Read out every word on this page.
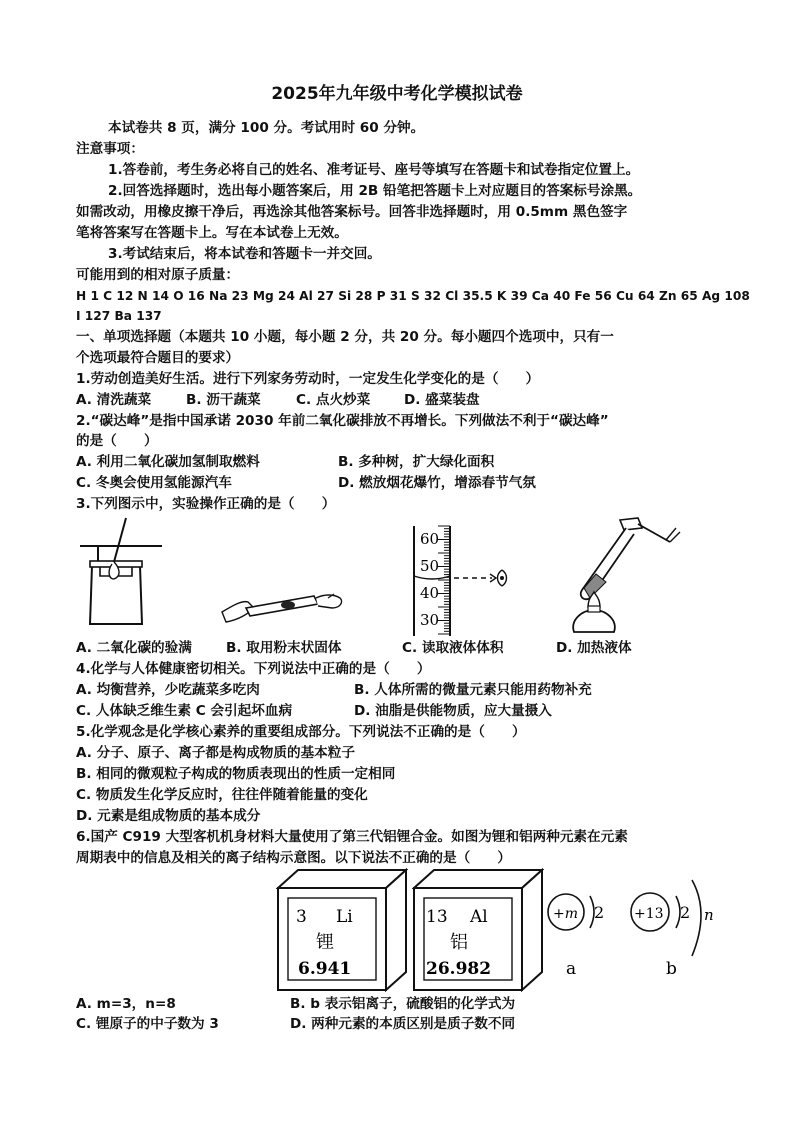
2025年九年级中考化学模拟试卷
本试卷共 8 页，满分 100 分。考试用时 60 分钟。
注意事项：
1.答卷前，考生务必将自己的姓名、准考证号、座号等填写在答题卡和试卷指定位置上。
2.回答选择题时，选出每小题答案后，用 2B 铅笔把答题卡上对应题目的答案标号涂黑。
如需改动，用橡皮擦干净后，再选涂其他答案标号。回答非选择题时，用 0.5mm 黑色签字
笔将答案写在答题卡上。写在本试卷上无效。
3.考试结束后，将本试卷和答题卡一并交回。
可能用到的相对原子质量：
H 1 C 12 N 14 O 16 Na 23 Mg 24 Al 27 Si 28 P 31 S 32 Cl 35.5 K 39 Ca 40 Fe 56 Cu 64 Zn 65 Ag 108
I 127 Ba 137
一、单项选择题（本题共 10 小题，每小题 2 分，共 20 分。每小题四个选项中，只有一
个选项最符合题目的要求）
1.劳动创造美好生活。进行下列家务劳动时，一定发生化学变化的是（　　）
A. 清洗蔬菜	B. 沥干蔬菜	C. 点火炒菜 D. 盛菜装盘
2.“碳达峰”是指中国承诺 2030 年前二氧化碳排放不再增长。下列做法不利于“碳达峰”
的是（　　）
A. 利用二氧化碳加氢制取燃料	B. 多种树，扩大绿化面积
C. 冬奥会使用氢能源汽车	D. 燃放烟花爆竹，增添春节气氛
3.下列图示中，实验操作正确的是（　　）
60
50
40
30
A. 二氧化碳的验满	B. 取用粉末状固体	C. 读取液体体积	D. 加热液体
4.化学与人体健康密切相关。下列说法中正确的是（　　）
A. 均衡营养，少吃蔬菜多吃肉	B. 人体所需的微量元素只能用药物补充
C. 人体缺乏维生素 C 会引起坏血病	D. 油脂是供能物质，应大量摄入
5.化学观念是化学核心素养的重要组成部分。下列说法不正确的是（　　）
A. 分子、原子、离子都是构成物质的基本粒子
B. 相同的微观粒子构成的物质表现出的性质一定相同
C. 物质发生化学反应时，往往伴随着能量的变化
D. 元素是组成物质的基本成分
6.国产 C919 大型客机机身材料大量使用了第三代铝锂合金。如图为锂和铝两种元素在元素
周期表中的信息及相关的离子结构示意图。以下说法不正确的是（　　）
3 Li
锂
6.941
13 Al
铝
26.982
+m 2
a
+13 2 n
b
A. m=3，n=8	B. b 表示铝离子，硫酸铝的化学式为
C. 锂原子的中子数为 3	D. 两种元素的本质区别是质子数不同
